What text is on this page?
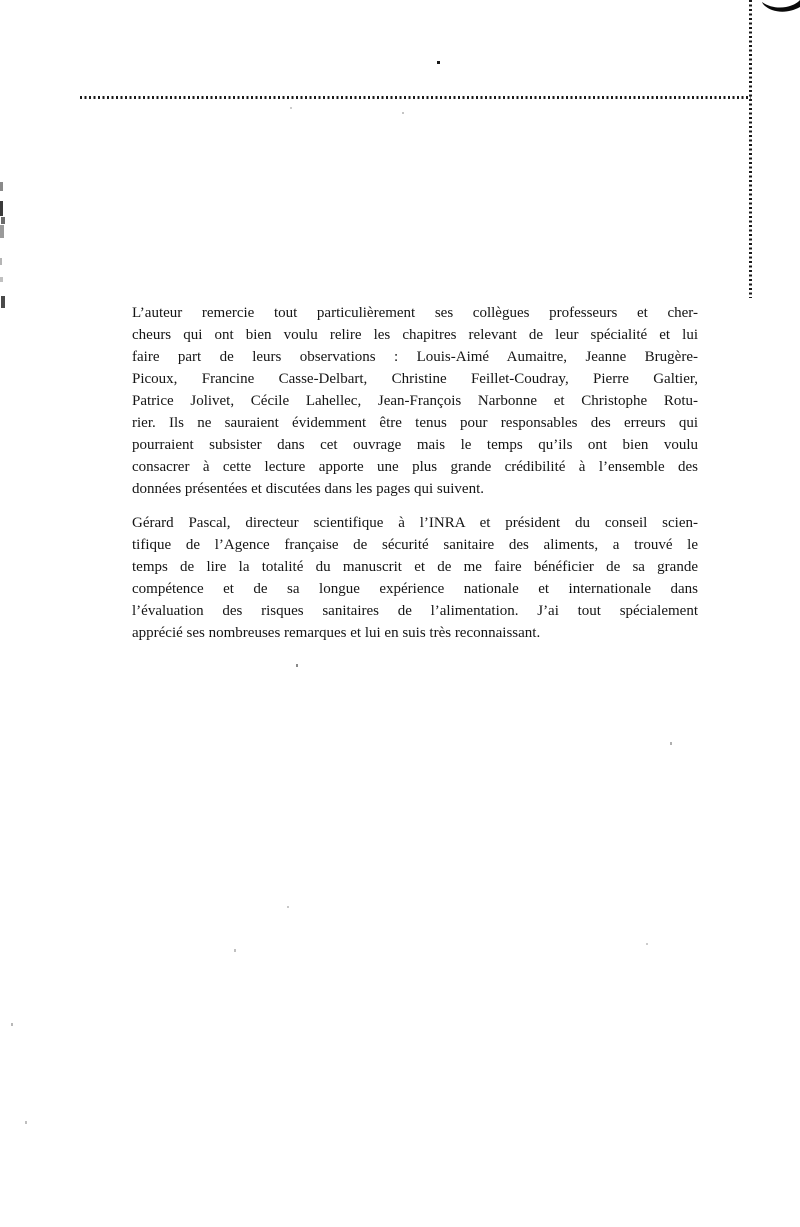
L’auteur remercie tout particulièrement ses collègues professeurs et cher-
cheurs qui ont bien voulu relire les chapitres relevant de leur spécialité et lui
faire part de leurs observations : Louis-Aimé Aumaitre, Jeanne Brugère-
Picoux, Francine Casse-Delbart, Christine Feillet-Coudray, Pierre Galtier,
Patrice Jolivet, Cécile Lahellec, Jean-François Narbonne et Christophe Rotu-
rier. Ils ne sauraient évidemment être tenus pour responsables des erreurs qui
pourraient subsister dans cet ouvrage mais le temps qu’ils ont bien voulu
consacrer à cette lecture apporte une plus grande crédibilité à l’ensemble des
données présentées et discutées dans les pages qui suivent.
Gérard Pascal, directeur scientifique à l’INRA et président du conseil scien-
tifique de l’Agence française de sécurité sanitaire des aliments, a trouvé le
temps de lire la totalité du manuscrit et de me faire bénéficier de sa grande
compétence et de sa longue expérience nationale et internationale dans
l’évaluation des risques sanitaires de l’alimentation. J’ai tout spécialement
apprécié ses nombreuses remarques et lui en suis très reconnaissant.
